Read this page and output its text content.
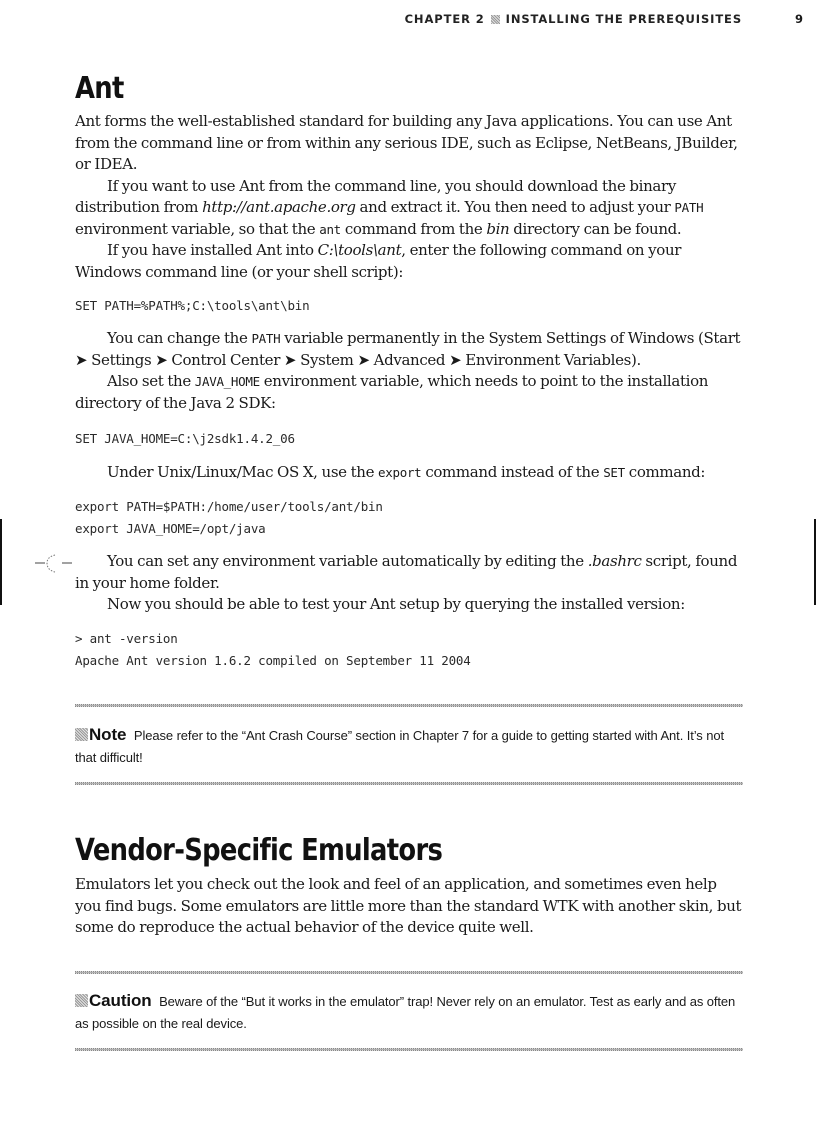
CHAPTER 2 INSTALLING THE PREREQUISITES	9
Ant

Ant forms the well-established standard for building any Java applications. You can use Ant from the command line or from within any serious IDE, such as Eclipse, NetBeans, JBuilder, or IDEA.

If you want to use Ant from the command line, you should download the binary distribution from http://ant.apache.org and extract it. You then need to adjust your PATH environment variable, so that the ant command from the bin directory can be found.

If you have installed Ant into C:\tools\ant, enter the following command on your Windows command line (or your shell script):

SET PATH=%PATH%;C:\tools\ant\bin

You can change the PATH variable permanently in the System Settings of Windows (Start ➤ Settings ➤ Control Center ➤ System ➤ Advanced ➤ Environment Variables).

Also set the JAVA_HOME environment variable, which needs to point to the installation directory of the Java 2 SDK:

SET JAVA_HOME=C:\j2sdk1.4.2_06

Under Unix/Linux/Mac OS X, use the export command instead of the SET command:

export PATH=$PATH:/home/user/tools/ant/bin
export JAVA_HOME=/opt/java

You can set any environment variable automatically by editing the .bashrc script, found in your home folder.

Now you should be able to test your Ant setup by querying the installed version:

> ant -version
Apache Ant version 1.6.2 compiled on September 11 2004

Note Please refer to the “Ant Crash Course” section in Chapter 7 for a guide to getting started with Ant. It’s not that difficult!

Vendor-Specific Emulators

Emulators let you check out the look and feel of an application, and sometimes even help you find bugs. Some emulators are little more than the standard WTK with another skin, but some do reproduce the actual behavior of the device quite well.

Caution Beware of the “But it works in the emulator” trap! Never rely on an emulator. Test as early and as often as possible on the real device.
